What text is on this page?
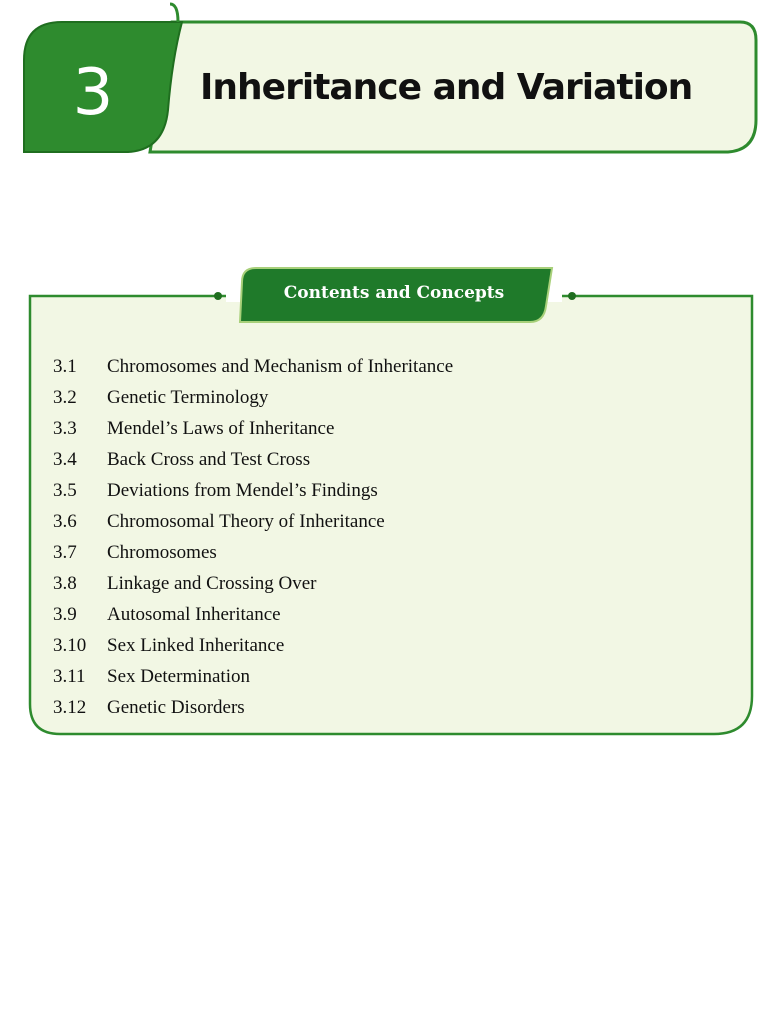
3	Inheritance and Variation
Contents and Concepts
3.1	Chromosomes and Mechanism of Inheritance
3.2	Genetic Terminology
3.3	Mendel’s Laws of Inheritance
3.4	Back Cross and Test Cross
3.5	Deviations from Mendel’s Findings
3.6	Chromosomal Theory of Inheritance
3.7	Chromosomes
3.8	Linkage and Crossing Over
3.9	Autosomal Inheritance
3.10	Sex Linked Inheritance
3.11	Sex Determination
3.12	Genetic Disorders
